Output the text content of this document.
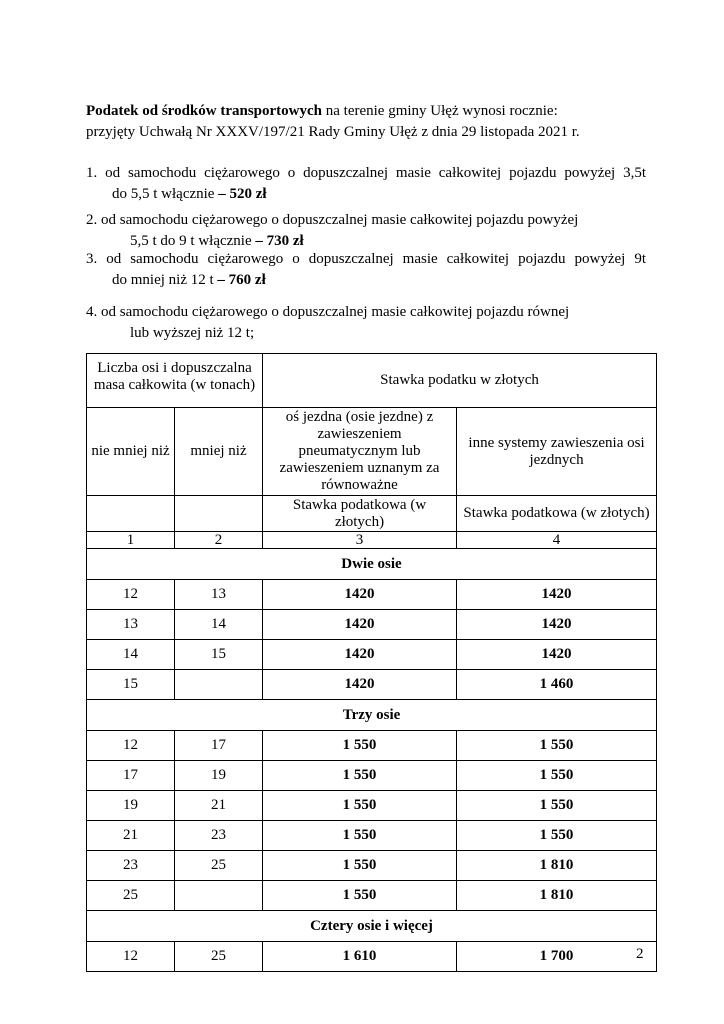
Podatek od środków transportowych na terenie gminy Ułęż wynosi rocznie:

przyjęty Uchwałą Nr XXXV/197/21 Rady Gminy Ułęż z dnia 29 listopada 2021 r.

1. od samochodu ciężarowego o dopuszczalnej masie całkowitej pojazdu powyżej 3,5t
do 5,5 t włącznie – 520 zł
2. od samochodu ciężarowego o dopuszczalnej masie całkowitej pojazdu powyżej
5,5 t do 9 t włącznie – 730 zł
3. od samochodu ciężarowego o dopuszczalnej masie całkowitej pojazdu powyżej 9t
do mniej niż 12 t – 760 zł
4. od samochodu ciężarowego o dopuszczalnej masie całkowitej pojazdu równej
lub wyższej niż 12 t;
Liczba osi i dopuszczalna masa całkowita (w tonach)		Stawka podatku w złotych	
nie mniej niż	mniej niż	oś jezdna (osie jezdne) z zawieszeniem pneumatycznym lub zawieszeniem uznanym za równoważne	inne systemy zawieszenia osi jezdnych
		Stawka podatkowa (w złotych)	Stawka podatkowa (w złotych)
1	2	3	4
Dwie osie			
12	13	1420	1420
13	14	1420	1420
14	15	1420	1420
15		1420	1 460
Trzy osie			
12	17	1 550	1 550
17	19	1 550	1 550
19	21	1 550	1 550
21	23	1 550	1 550
23	25	1 550	1 810
25		1 550	1 810
Cztery osie i więcej			
12	25	1 610	1 700	2
